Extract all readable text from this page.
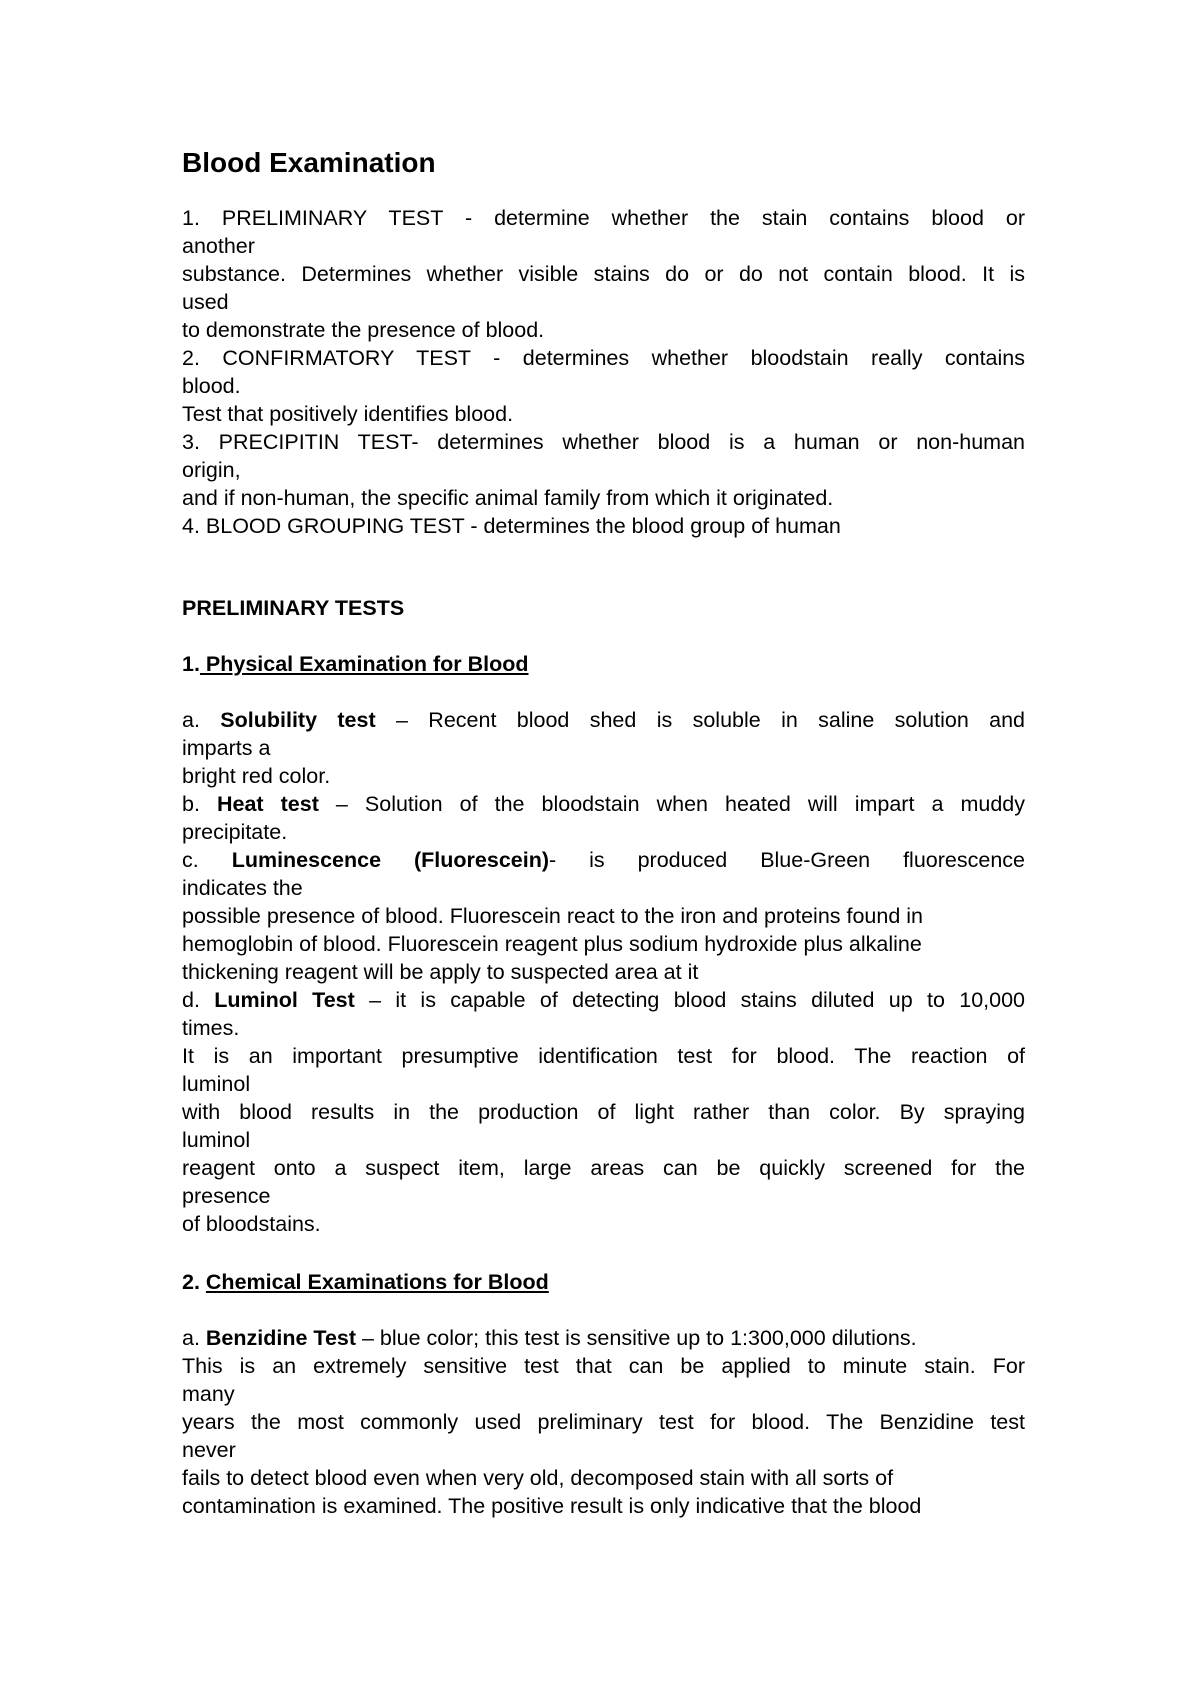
Blood Examination
1. PRELIMINARY TEST - determine whether the stain contains blood or
another
substance. Determines whether visible stains do or do not contain blood. It is
used
to demonstrate the presence of blood.
2. CONFIRMATORY TEST - determines whether bloodstain really contains
blood.
Test that positively identifies blood.
3. PRECIPITIN TEST- determines whether blood is a human or non-human
origin,
and if non-human, the specific animal family from which it originated.
4. BLOOD GROUPING TEST - determines the blood group of human
PRELIMINARY TESTS
1. Physical Examination for Blood
a. Solubility test – Recent blood shed is soluble in saline solution and
imparts a
bright red color.
b. Heat test – Solution of the bloodstain when heated will impart a muddy
precipitate.
c. Luminescence (Fluorescein)- is produced Blue-Green fluorescence
indicates the
possible presence of blood. Fluorescein react to the iron and proteins found in
hemoglobin of blood. Fluorescein reagent plus sodium hydroxide plus alkaline
thickening reagent will be apply to suspected area at it
d. Luminol Test – it is capable of detecting blood stains diluted up to 10,000
times.
It is an important presumptive identification test for blood. The reaction of
luminol
with blood results in the production of light rather than color. By spraying
luminol
reagent onto a suspect item, large areas can be quickly screened for the
presence
of bloodstains.
2. Chemical Examinations for Blood
a. Benzidine Test – blue color; this test is sensitive up to 1:300,000 dilutions.
This is an extremely sensitive test that can be applied to minute stain. For
many
years the most commonly used preliminary test for blood. The Benzidine test
never
fails to detect blood even when very old, decomposed stain with all sorts of
contamination is examined. The positive result is only indicative that the blood
